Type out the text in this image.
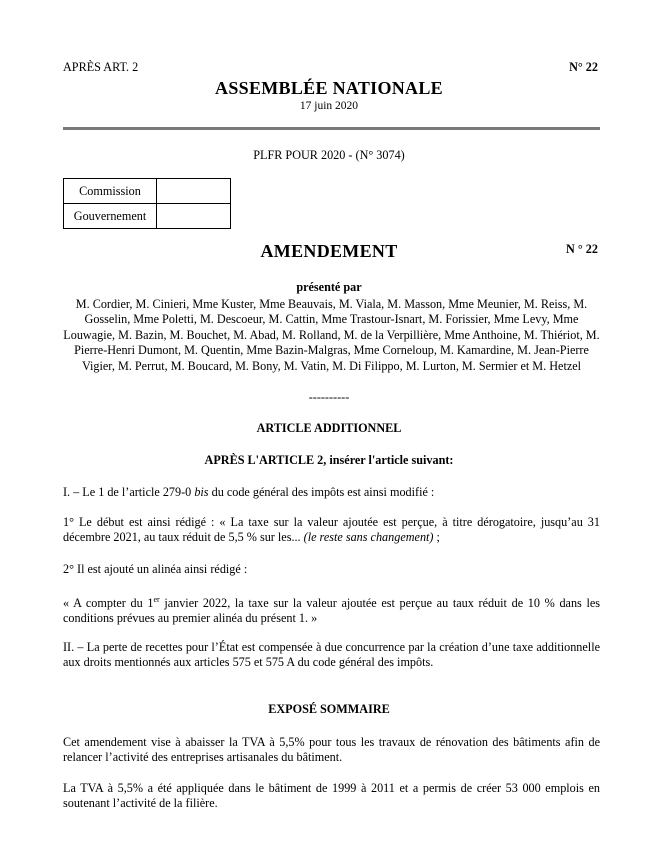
APRÈS ART. 2	N° 22
ASSEMBLÉE NATIONALE
17 juin 2020
PLFR POUR 2020 - (N° 3074)
Commission	
Gouvernement	
AMENDEMENT	N ° 22
présenté par
M. Cordier, M. Cinieri, Mme Kuster, Mme Beauvais, M. Viala, M. Masson, Mme Meunier, M. Reiss, M. Gosselin, Mme Poletti, M. Descoeur, M. Cattin, Mme Trastour-Isnart, M. Forissier, Mme Levy, Mme Louwagie, M. Bazin, M. Bouchet, M. Abad, M. Rolland, M. de la Verpillière, Mme Anthoine, M. Thiériot, M. Pierre-Henri Dumont, M. Quentin, Mme Bazin-Malgras, Mme Corneloup, M. Kamardine, M. Jean-Pierre Vigier, M. Perrut, M. Boucard, M. Bony, M. Vatin, M. Di Filippo, M. Lurton, M. Sermier et M. Hetzel
----------
ARTICLE ADDITIONNEL
APRÈS L'ARTICLE 2, insérer l'article suivant:
I. – Le 1 de l’article 279-0 bis du code général des impôts est ainsi modifié :
1° Le début est ainsi rédigé : « La taxe sur la valeur ajoutée est perçue, à titre dérogatoire, jusqu’au 31 décembre 2021, au taux réduit de 5,5 % sur les... (le reste sans changement) ;
2° Il est ajouté un alinéa ainsi rédigé :
« A compter du 1er janvier 2022, la taxe sur la valeur ajoutée est perçue au taux réduit de 10 % dans les conditions prévues au premier alinéa du présent 1. »
II. – La perte de recettes pour l’État est compensée à due concurrence par la création d’une taxe additionnelle aux droits mentionnés aux articles 575 et 575 A du code général des impôts.
EXPOSÉ SOMMAIRE
Cet amendement vise à abaisser la TVA à 5,5% pour tous les travaux de rénovation des bâtiments afin de relancer l’activité des entreprises artisanales du bâtiment.
La TVA à 5,5% a été appliquée dans le bâtiment de 1999 à 2011 et a permis de créer 53 000 emplois en soutenant l’activité de la filière.
